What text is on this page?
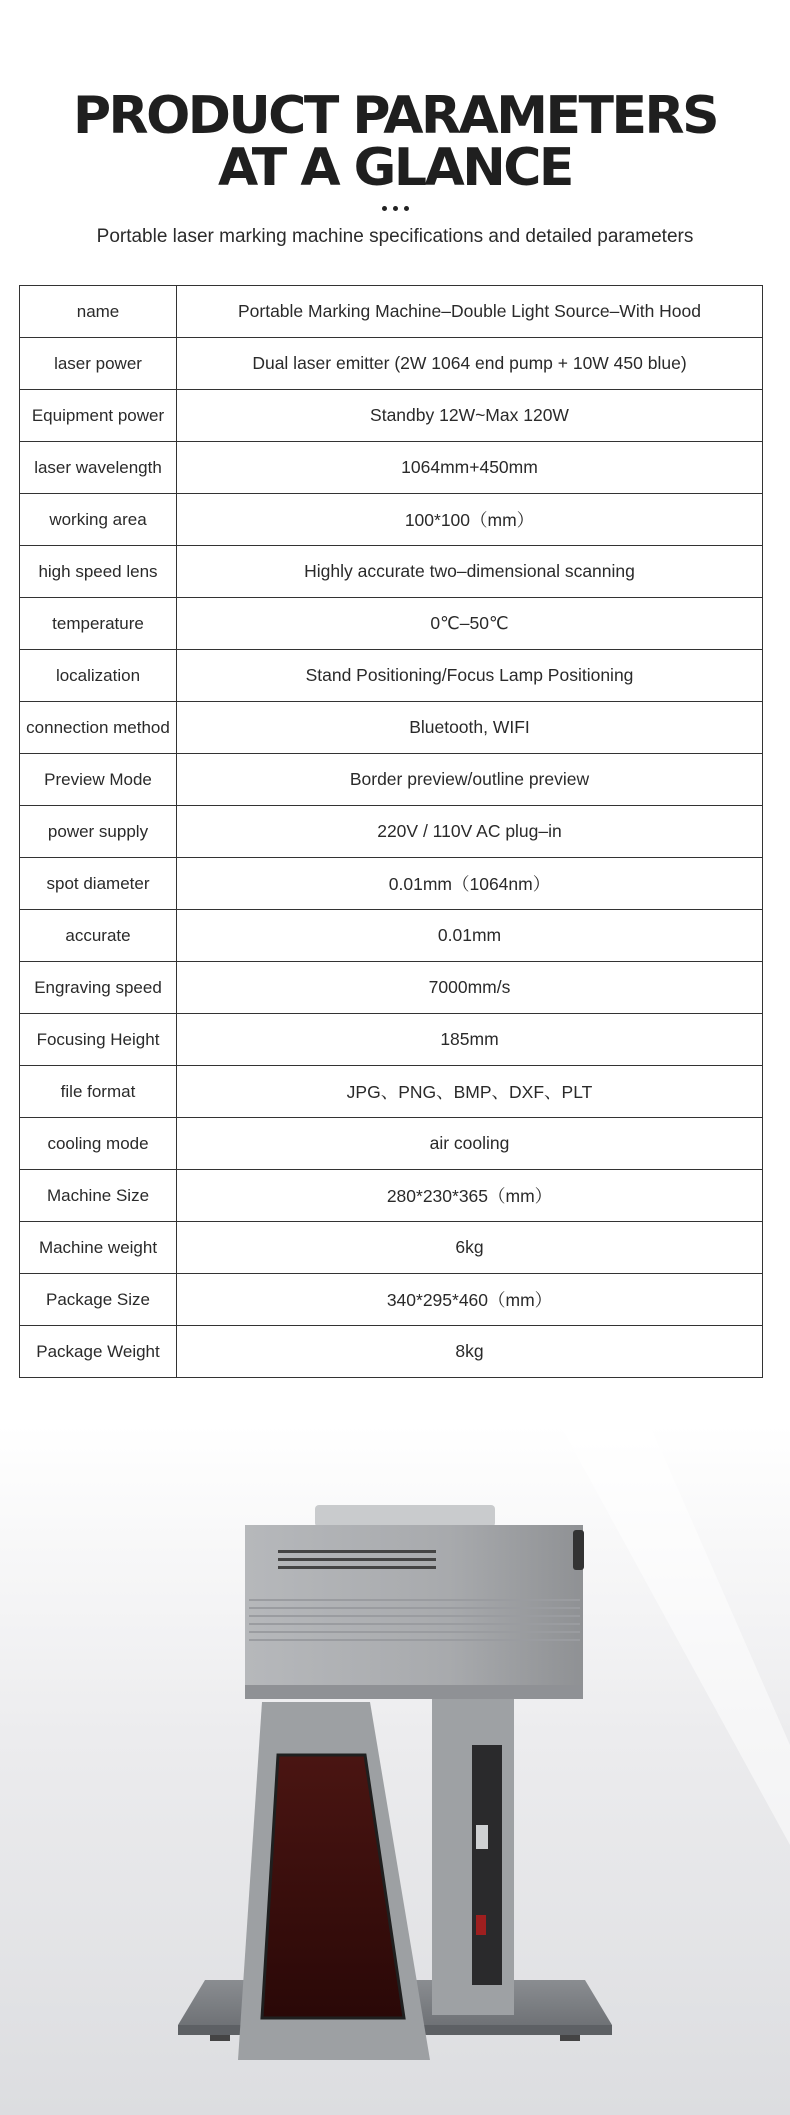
PRODUCT PARAMETERS AT A GLANCE
Portable laser marking machine specifications and detailed parameters
name	Portable Marking Machine–Double Light Source–With Hood
laser power	Dual laser emitter (2W 1064 end pump + 10W 450 blue)
Equipment power	Standby 12W~Max 120W
laser wavelength	1064mm+450mm
working area	100*100（mm）
high speed lens	Highly accurate two–dimensional scanning
temperature	0℃–50℃
localization	Stand Positioning/Focus Lamp Positioning
connection method	Bluetooth, WIFI
Preview Mode	Border preview/outline preview
power supply	220V / 110V AC plug–in
spot diameter	0.01mm（1064nm）
accurate	0.01mm
Engraving speed	7000mm/s
Focusing Height	185mm
file format	JPG、PNG、BMP、DXF、PLT
cooling mode	air cooling
Machine Size	280*230*365（mm）
Machine weight	6kg
Package Size	340*295*460（mm）
Package Weight	8kg
